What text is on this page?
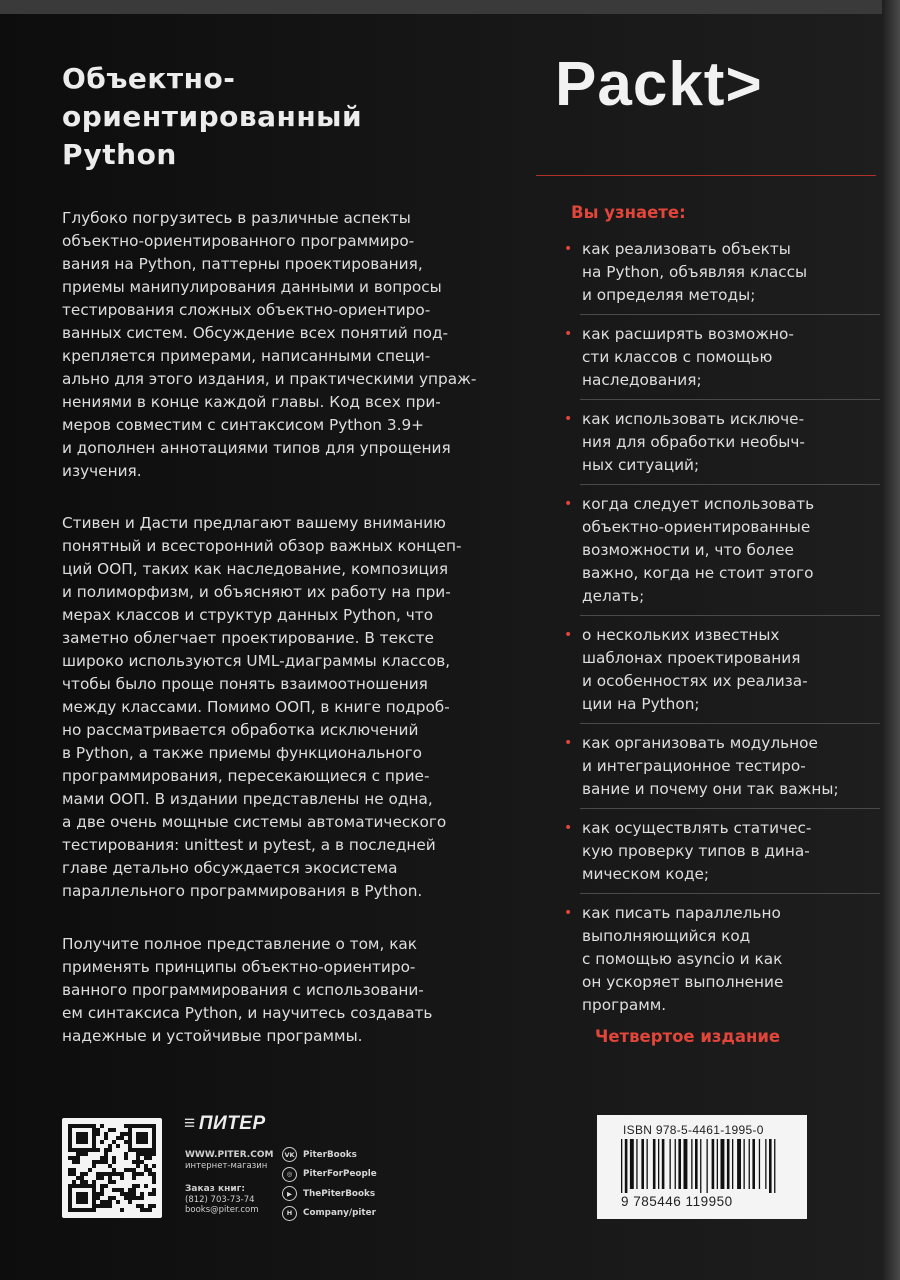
Объектно-
ориентированный
Python
Packt>
Глубоко погрузитесь в различные аспекты
объектно-ориентированного программиро-
вания на Python, паттерны проектирования,
приемы манипулирования данными и вопросы
тестирования сложных объектно-ориентиро-
ванных систем. Обсуждение всех понятий под-
крепляется примерами, написанными специ-
ально для этого издания, и практическими упраж-
нениями в конце каждой главы. Код всех при-
меров совместим с синтаксисом Python 3.9+
и дополнен аннотациями типов для упрощения
изучения.
Стивен и Дасти предлагают вашему вниманию
понятный и всесторонний обзор важных концеп-
ций ООП, таких как наследование, композиция
и полиморфизм, и объясняют их работу на при-
мерах классов и структур данных Python, что
заметно облегчает проектирование. В тексте
широко используются UML-диаграммы классов,
чтобы было проще понять взаимоотношения
между классами. Помимо ООП, в книге подроб-
но рассматривается обработка исключений
в Python, а также приемы функционального
программирования, пересекающиеся с прие-
мами ООП. В издании представлены не одна,
а две очень мощные системы автоматического
тестирования: unittest и pytest, а в последней
главе детально обсуждается экосистема
параллельного программирования в Python.
Получите полное представление о том, как
применять принципы объектно-ориентиро-
ванного программирования с использовани-
ем синтаксиса Python, и научитесь создавать
надежные и устойчивые программы.
Вы узнаете:
• как реализовать объекты
на Python, объявляя классы
и определяя методы;
• как расширять возможно-
сти классов с помощью
наследования;
• как использовать исключе-
ния для обработки необыч-
ных ситуаций;
• когда следует использовать
объектно-ориентированные
возможности и, что более
важно, когда не стоит этого
делать;
• о нескольких известных
шаблонах проектирования
и особенностях их реализа-
ции на Python;
• как организовать модульное
и интеграционное тестиро-
вание и почему они так важны;
• как осуществлять статичес-
кую проверку типов в дина-
мическом коде;
• как писать параллельно
выполняющийся код
с помощью asyncio и как
он ускоряет выполнение
программ.
Четвертое издание
≡ ПИТЕР
WWW.PITER.COM
интернет-магазин
Заказ книг:
(812) 703-73-74
books@piter.com
VK PiterBooks
◎	PiterForPeople
▶	ThePiterBooks
H	Company/piter
ISBN 978-5-4461-1995-0
9 785446 119950
